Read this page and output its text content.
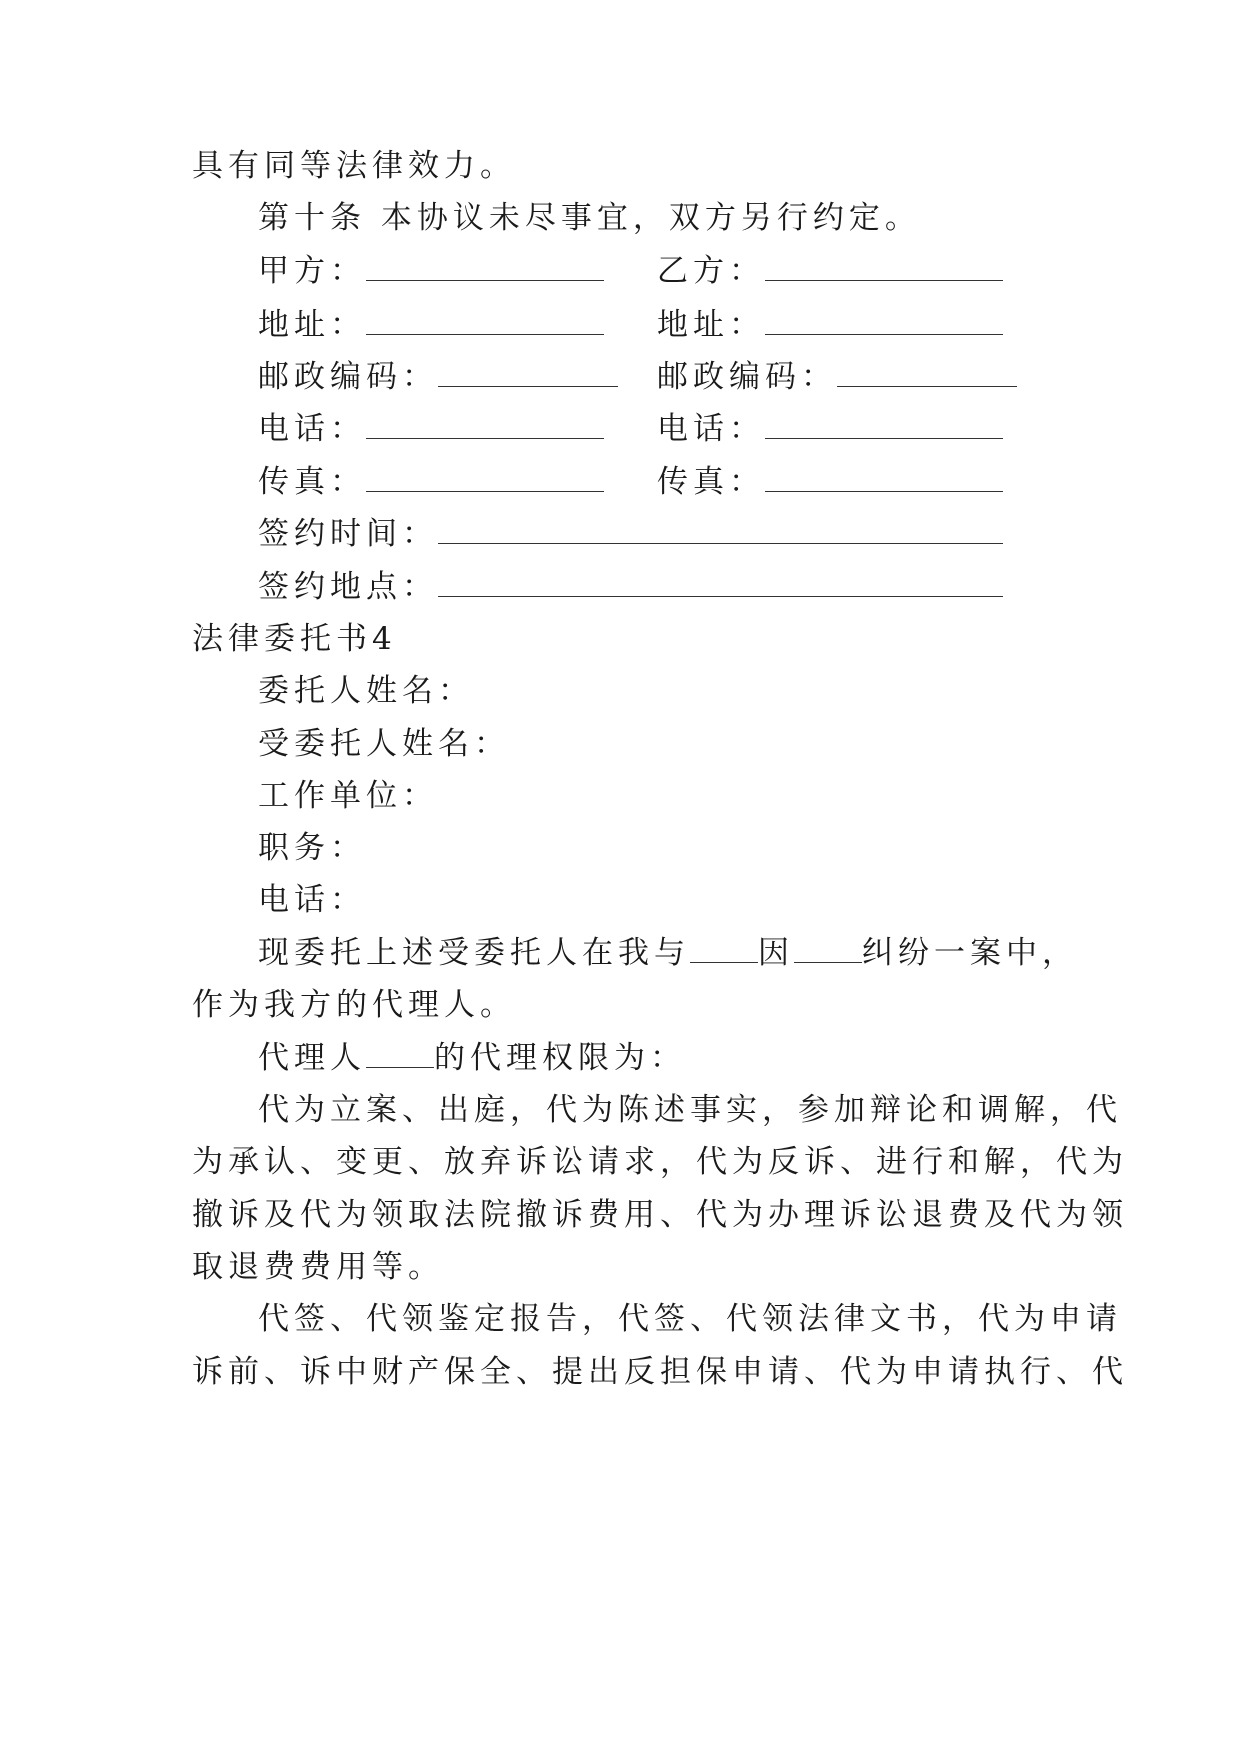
具有同等法律效力。
第十条 本协议未尽事宜，双方另行约定。
甲方：
地址：
邮政编码：
电话：
传真：
乙方：
地址：
邮政编码：
电话：
传真：
签约时间：
签约地点：
法律委托书4
委托人姓名：
受委托人姓名：
工作单位：
职务：
电话：
现委托上述受委托人在我与 因 纠纷一案中，
作为我方的代理人。
代理人 的代理权限为：
代为立案、出庭，代为陈述事实，参加辩论和调解，代
为承认、变更、放弃诉讼请求，代为反诉、进行和解，代为
撤诉及代为领取法院撤诉费用、代为办理诉讼退费及代为领
取退费费用等。
代签、代领鉴定报告，代签、代领法律文书，代为申请
诉前、诉中财产保全、提出反担保申请、代为申请执行、代
